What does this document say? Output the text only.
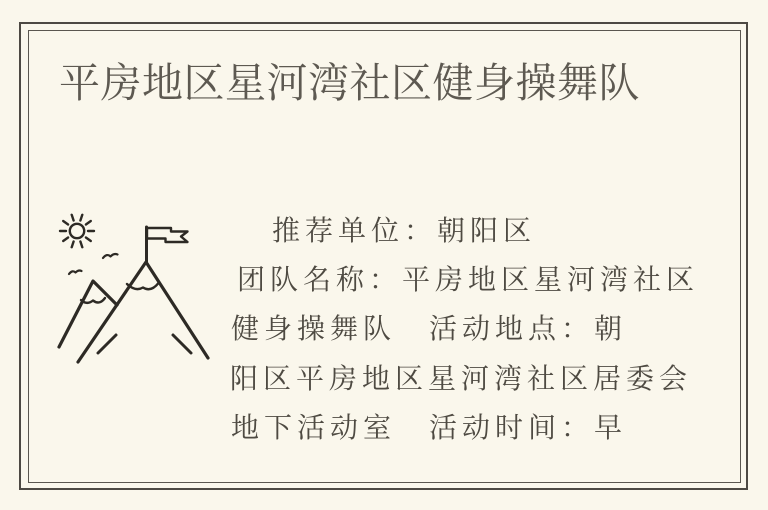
平房地区星河湾社区健身操舞队
推荐单位：朝阳区
团队名称：平房地区星河湾社区
健身操舞队　活动地点：朝
阳区平房地区星河湾社区居委会
地下活动室　活动时间：早
